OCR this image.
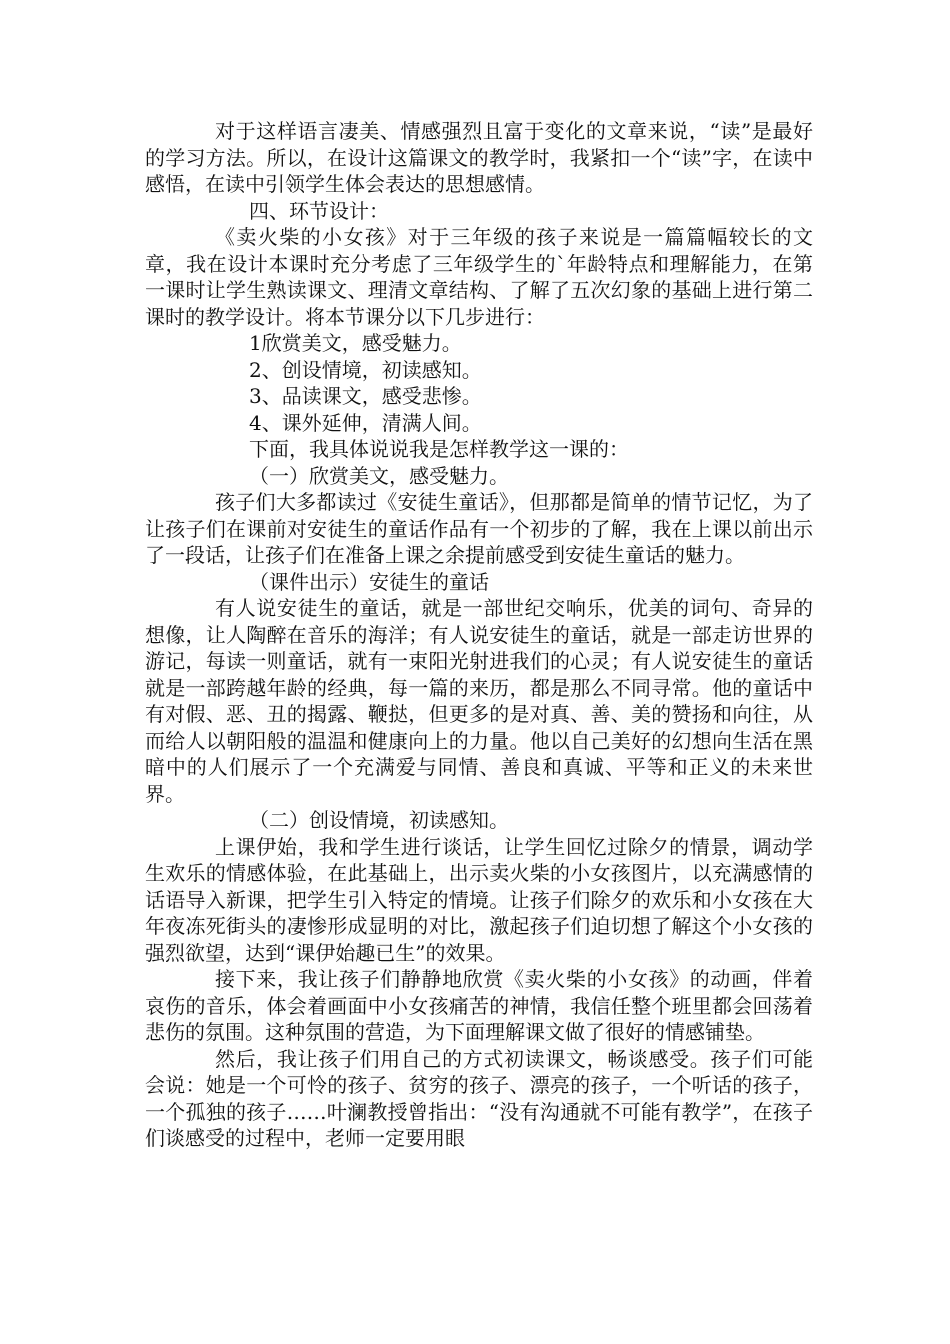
对于这样语言凄美、情感强烈且富于变化的文章来说，“读”是最好的学习方法。所以，在设计这篇课文的教学时，我紧扣一个“读”字，在读中感悟，在读中引领学生体会表达的思想感情。

四、环节设计：

《卖火柴的小女孩》对于三年级的孩子来说是一篇篇幅较长的文章，我在设计本课时充分考虑了三年级学生的`年龄特点和理解能力，在第一课时让学生熟读课文、理清文章结构、了解了五次幻象的基础上进行第二课时的教学设计。将本节课分以下几步进行：

1欣赏美文，感受魅力。

2、创设情境，初读感知。

3、品读课文，感受悲惨。

4、课外延伸，清满人间。

下面，我具体说说我是怎样教学这一课的：

（一）欣赏美文，感受魅力。

孩子们大多都读过《安徒生童话》，但那都是简单的情节记忆，为了让孩子们在课前对安徒生的童话作品有一个初步的了解，我在上课以前出示了一段话，让孩子们在准备上课之余提前感受到安徒生童话的魅力。

（课件出示）安徒生的童话

有人说安徒生的童话，就是一部世纪交响乐，优美的词句、奇异的想像，让人陶醉在音乐的海洋；有人说安徒生的童话，就是一部走访世界的游记，每读一则童话，就有一束阳光射进我们的心灵；有人说安徒生的童话就是一部跨越年龄的经典，每一篇的来历，都是那么不同寻常。他的童话中有对假、恶、丑的揭露、鞭挞，但更多的是对真、善、美的赞扬和向往，从而给人以朝阳般的温温和健康向上的力量。他以自己美好的幻想向生活在黑暗中的人们展示了一个充满爱与同情、善良和真诚、平等和正义的未来世界。

（二）创设情境，初读感知。

上课伊始，我和学生进行谈话，让学生回忆过除夕的情景，调动学生欢乐的情感体验，在此基础上，出示卖火柴的小女孩图片，以充满感情的话语导入新课，把学生引入特定的情境。让孩子们除夕的欢乐和小女孩在大年夜冻死街头的凄惨形成显明的对比，激起孩子们迫切想了解这个小女孩的强烈欲望，达到“课伊始趣已生”的效果。

接下来，我让孩子们静静地欣赏《卖火柴的小女孩》的动画，伴着哀伤的音乐，体会着画面中小女孩痛苦的神情，我信任整个班里都会回荡着悲伤的氛围。这种氛围的营造，为下面理解课文做了很好的情感铺垫。

然后，我让孩子们用自己的方式初读课文，畅谈感受。孩子们可能会说：她是一个可怜的孩子、贫穷的孩子、漂亮的孩子，一个听话的孩子，一个孤独的孩子……叶澜教授曾指出：“没有沟通就不可能有教学”，在孩子们谈感受的过程中，老师一定要用眼
